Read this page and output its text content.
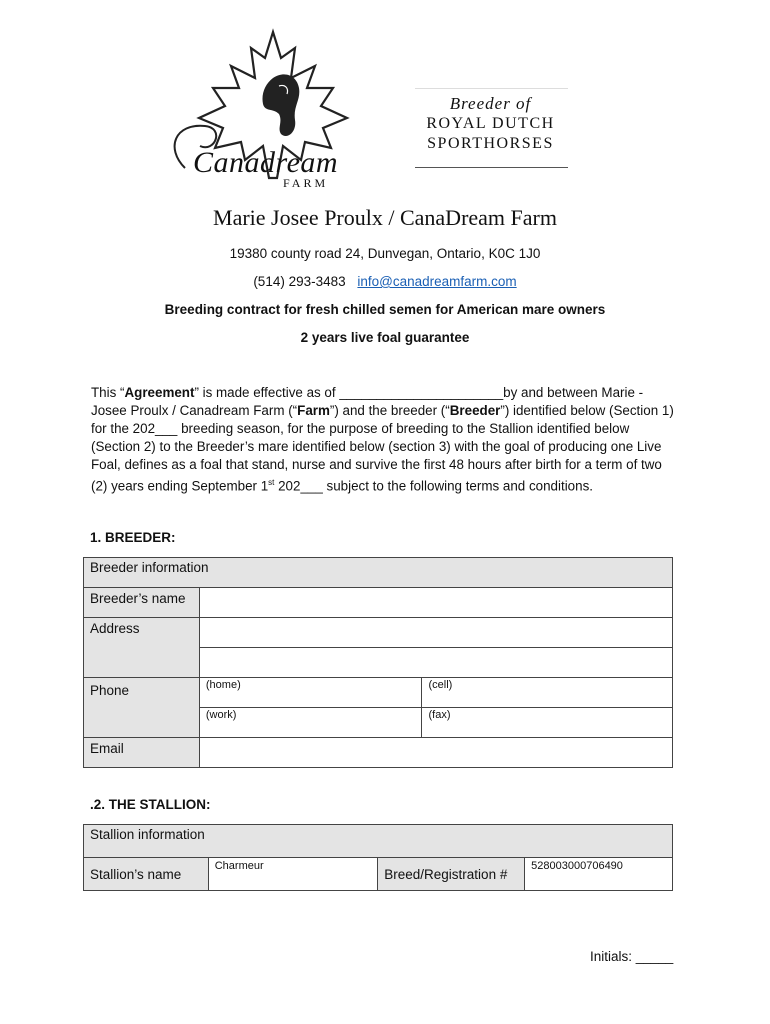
Canadream
FARM
Breeder of
ROYAL DUTCH
SPORTHORSES
Marie Josee Proulx / CanaDream Farm
19380 county road 24, Dunvegan, Ontario, K0C 1J0
(514) 293-3483 info@canadreamfarm.com
Breeding contract for fresh chilled semen for American mare owners
2 years live foal guarantee
This “Agreement” is made effective as of ______________________by and between Marie - Josee Proulx / Canadream Farm (“Farm”) and the breeder (“Breeder”) identified below (Section 1) for the 202___ breeding season, for the purpose of breeding to the Stallion identified below (Section 2) to the Breeder’s mare identified below (section 3) with the goal of producing one Live Foal, defines as a foal that stand, nurse and survive the first 48 hours after birth for a term of two (2) years ending September 1st 202___ subject to the following terms and conditions.
1. BREEDER:
Breeder information		
Breeder’s name		
Address		

Phone	(home)	(cell)
	(work)	(fax)
Email		
.2. THE STALLION:
Stallion information
Stallion’s name	Charmeur	Breed/Registration #	528003000706490
Initials: _____
